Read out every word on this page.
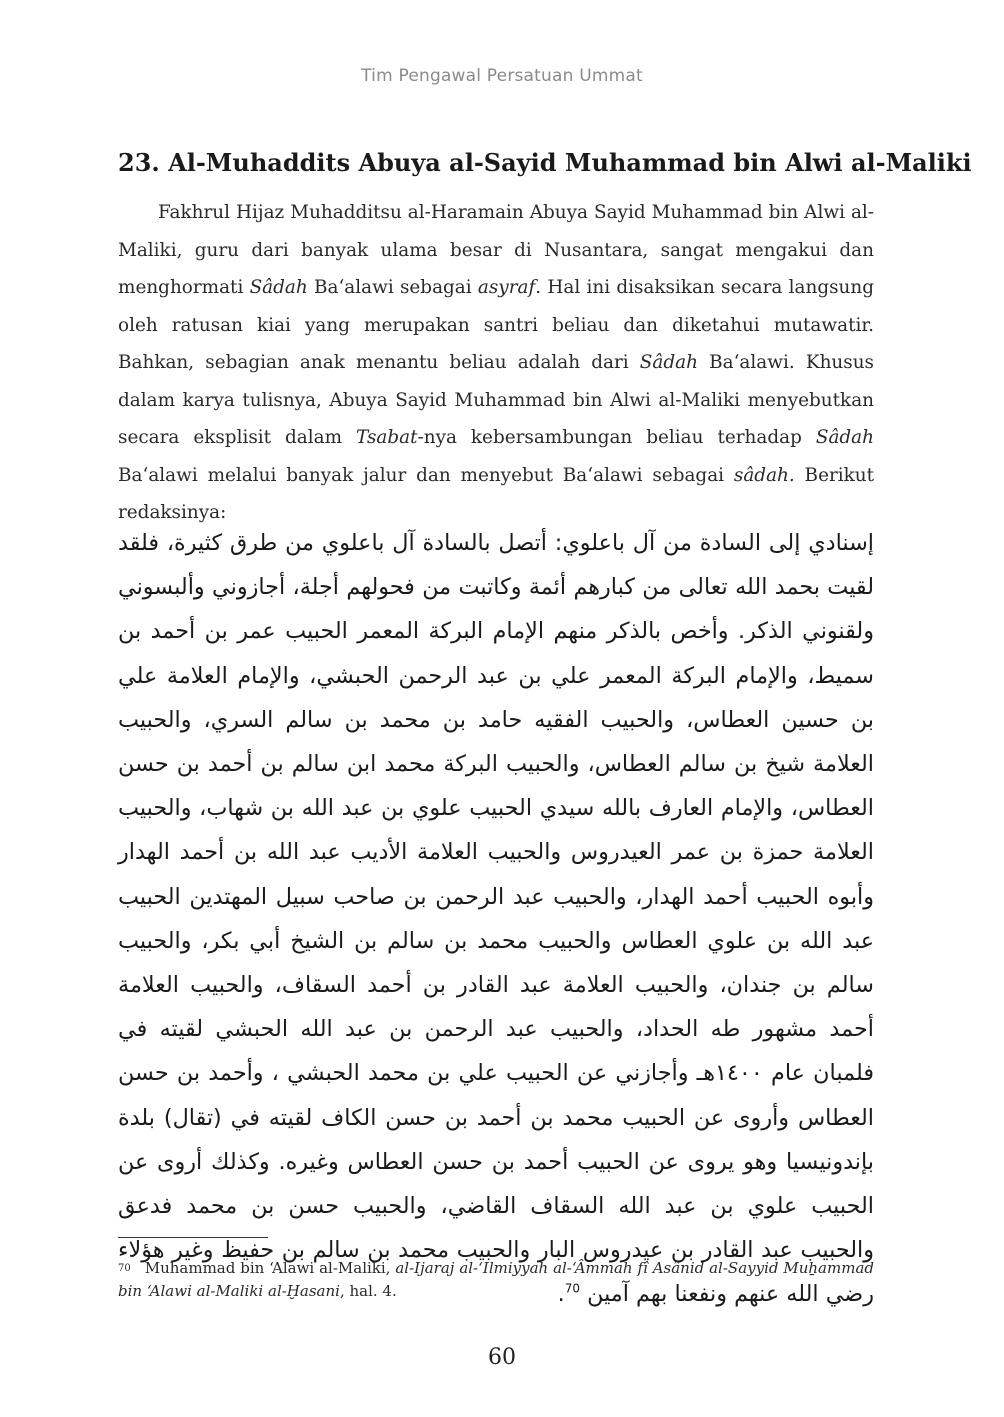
Tim Pengawal Persatuan Ummat
23. Al-Muhaddits Abuya al-Sayid Muhammad bin Alwi al-Maliki

Fakhrul Hijaz Muhadditsu al-Haramain Abuya Sayid Muhammad bin Alwi al-Maliki, guru dari banyak ulama besar di Nusantara, sangat mengakui dan menghormati Sâdah Ba‘alawi sebagai asyraf. Hal ini disaksikan secara langsung oleh ratusan kiai yang merupakan santri beliau dan diketahui mutawatir. Bahkan, sebagian anak menantu beliau adalah dari Sâdah Ba‘alawi. Khusus dalam karya tulisnya, Abuya Sayid Muhammad bin Alwi al-Maliki menyebutkan secara eksplisit dalam Tsabat-nya kebersambungan beliau terhadap Sâdah Ba‘alawi melalui banyak jalur dan menyebut Ba‘alawi sebagai sâdah. Berikut redaksinya:

إسنادي إلى السادة من آل باعلوي: أتصل بالسادة آل باعلوي من طرق كثيرة، فلقد لقيت بحمد الله تعالى من كبارهم أئمة وكاتبت من فحولهم أجلة، أجازوني وألبسوني ولقنوني الذكر. وأخص بالذكر منهم الإمام البركة المعمر الحبيب عمر بن أحمد بن سميط، والإمام البركة المعمر علي بن عبد الرحمن الحبشي، والإمام العلامة علي بن حسين العطاس، والحبيب الفقيه حامد بن محمد بن سالم السري، والحبيب العلامة شيخ بن سالم العطاس، والحبيب البركة محمد ابن سالم بن أحمد بن حسن العطاس، والإمام العارف بالله سيدي الحبيب علوي بن عبد الله بن شهاب، والحبيب العلامة حمزة بن عمر العيدروس والحبيب العلامة الأديب عبد الله بن أحمد الهدار وأبوه الحبيب أحمد الهدار، والحبيب عبد الرحمن بن صاحب سبيل المهتدين الحبيب عبد الله بن علوي العطاس والحبيب محمد بن سالم بن الشيخ أبي بكر، والحبيب سالم بن جندان، والحبيب العلامة عبد القادر بن أحمد السقاف، والحبيب العلامة أحمد مشهور طه الحداد، والحبيب عبد الرحمن بن عبد الله الحبشي لقيته في فلمبان عام ١٤٠٠هـ وأجازني عن الحبيب علي بن محمد الحبشي ، وأحمد بن حسن العطاس وأروى عن الحبيب محمد بن أحمد بن حسن الكاف لقيته في (تقال) بلدة بإندونيسيا وهو يروى عن الحبيب أحمد بن حسن العطاس وغيره. وكذلك أروى عن الحبيب علوي بن عبد الله السقاف القاضي، والحبيب حسن بن محمد فدعق والحبيب عبد القادر بن عيدروس البار والحبيب محمد بن سالم بن حفيظ وغير هؤلاء رضي الله عنهم ونفعنا بهم آمين $^{70}$.

$^{70}$ Muhammad bin ‘Alawi al-Maliki, al-Ijaraj al-‘Ilmiyyah al-‘Âmmah fî Asânid al-Sayyid Muẖammad bin ‘Alawi al-Maliki al-Ḫasani, hal. 4.

60
